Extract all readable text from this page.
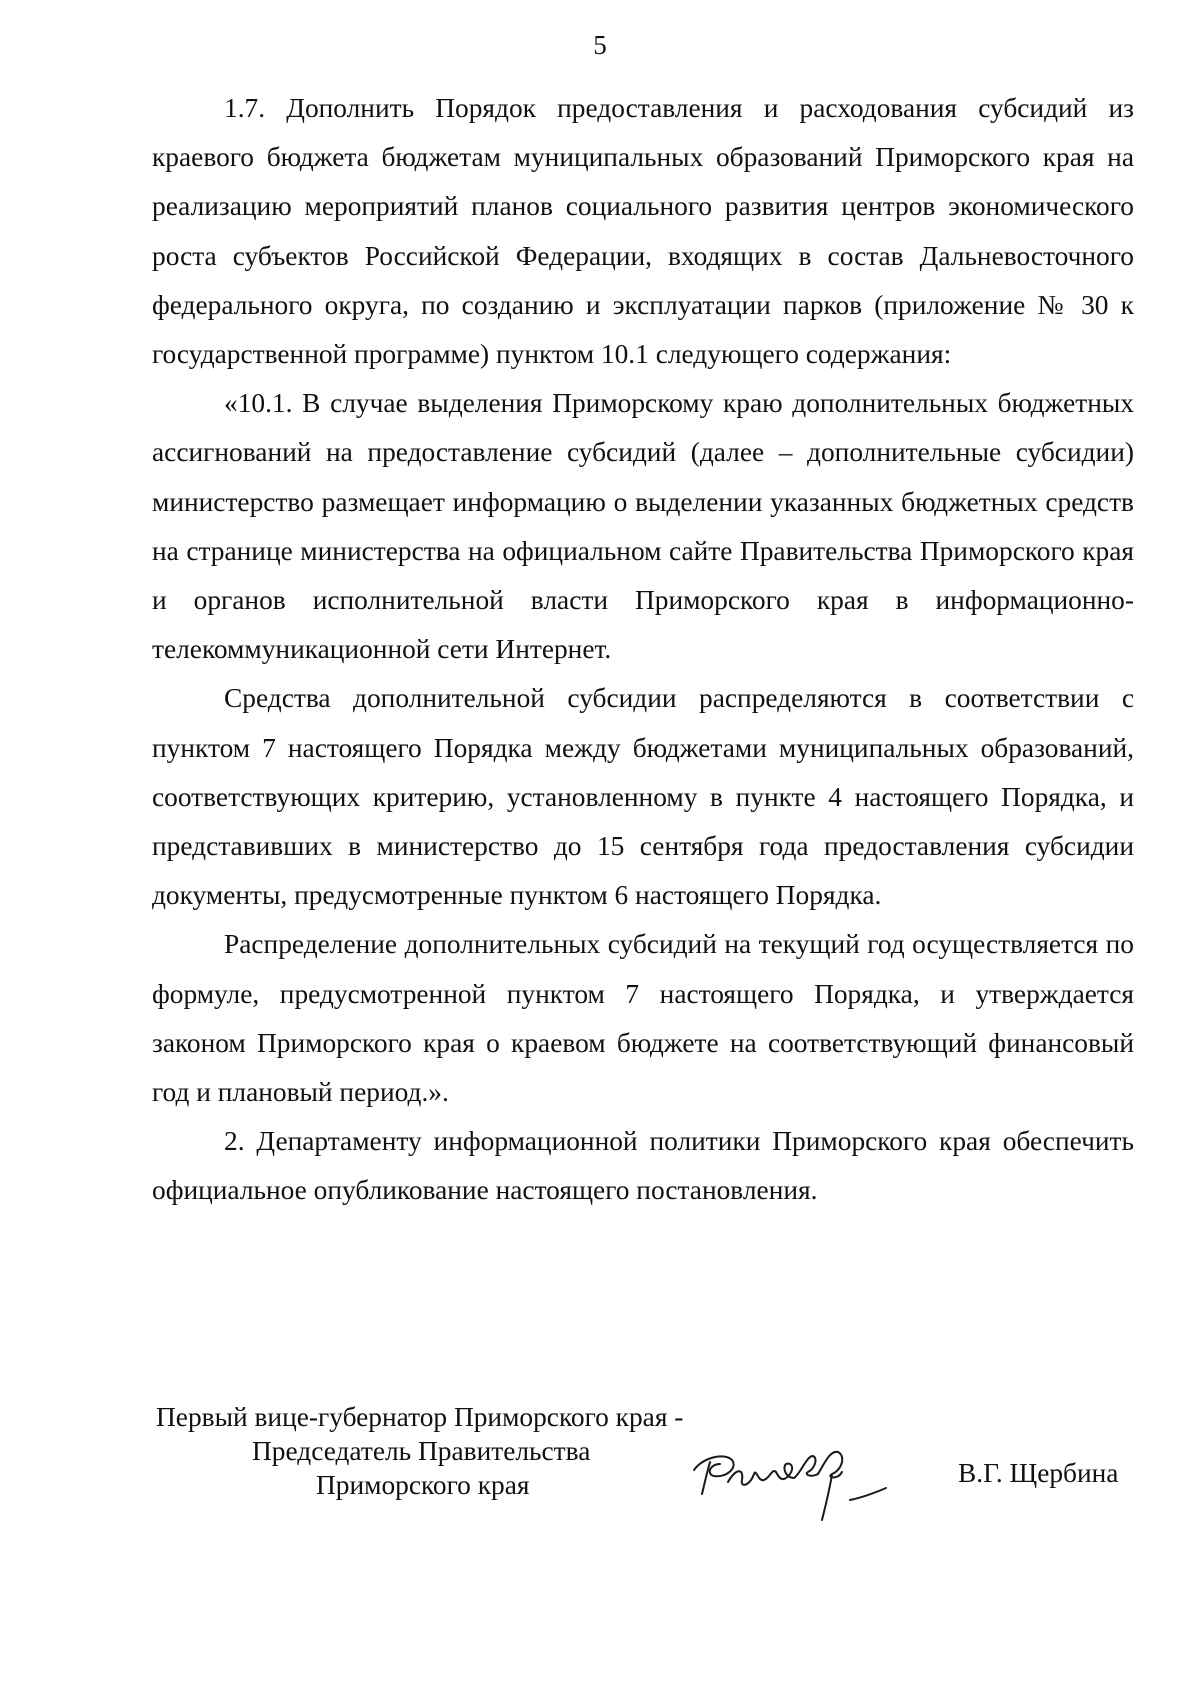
5

1.7. Дополнить Порядок предоставления и расходования субсидий из краевого бюджета бюджетам муниципальных образований Приморского края на реализацию мероприятий планов социального развития центров экономического роста субъектов Российской Федерации, входящих в состав Дальневосточного федерального округа, по созданию и эксплуатации парков (приложение № 30 к государственной программе) пунктом 10.1 следующего содержания:

«10.1. В случае выделения Приморскому краю дополнительных бюджетных ассигнований на предоставление субсидий (далее – дополнительные субсидии) министерство размещает информацию о выделении указанных бюджетных средств на странице министерства на официальном сайте Правительства Приморского края и органов исполнительной власти Приморского края в информационно-телекоммуникационной сети Интернет.

Средства дополнительной субсидии распределяются в соответствии с пунктом 7 настоящего Порядка между бюджетами муниципальных образований, соответствующих критерию, установленному в пункте 4 настоящего Порядка, и представивших в министерство до 15 сентября года предоставления субсидии документы, предусмотренные пунктом 6 настоящего Порядка.

Распределение дополнительных субсидий на текущий год осуществляется по формуле, предусмотренной пунктом 7 настоящего Порядка, и утверждается законом Приморского края о краевом бюджете на соответствующий финансовый год и плановый период.».

2. Департаменту информационной политики Приморского края обеспечить официальное опубликование настоящего постановления.

Первый вице-губернатор Приморского края -
Председатель Правительства
Приморского края	В.Г. Щербина
